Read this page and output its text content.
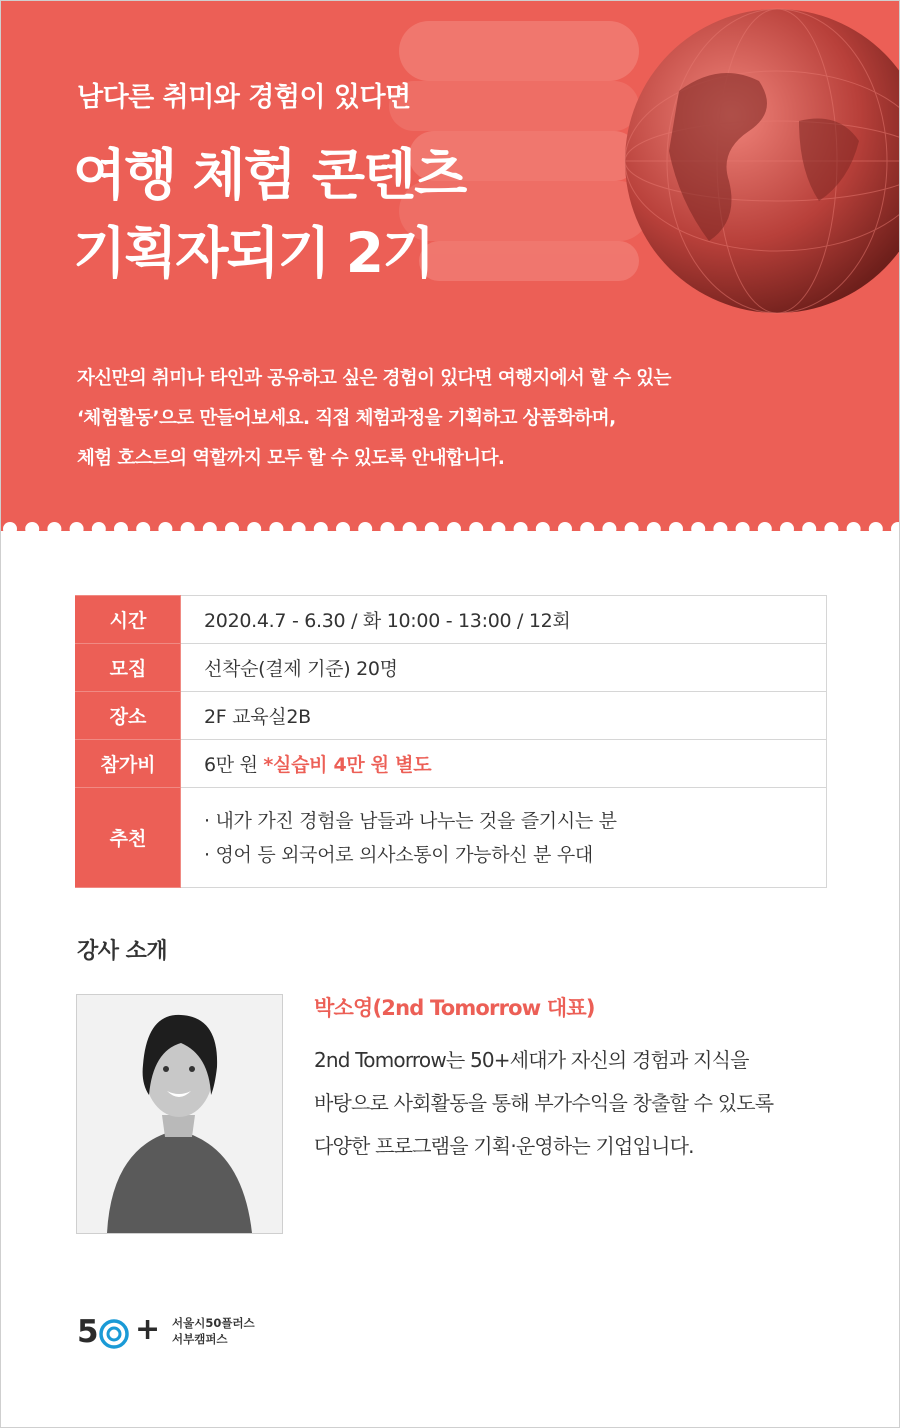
남다른 취미와 경험이 있다면
여행 체험 콘텐츠
기획자되기 2기
자신만의 취미나 타인과 공유하고 싶은 경험이 있다면 여행지에서 할 수 있는
‘체험활동’으로 만들어보세요. 직접 체험과정을 기획하고 상품화하며,
체험 호스트의 역할까지 모두 할 수 있도록 안내합니다.
시간	2020.4.7 - 6.30 / 화 10:00 - 13:00 / 12회
모집	선착순(결제 기준) 20명
장소	2F 교육실2B
참가비	6만 원 *실습비 4만 원 별도
추천	· 내가 가진 경험을 남들과 나누는 것을 즐기시는 분
· 영어 등 외국어로 의사소통이 가능하신 분 우대
강사 소개
박소영(2nd Tomorrow 대표)
2nd Tomorrow는 50+세대가 자신의 경험과 지식을
바탕으로 사회활동을 통해 부가수익을 창출할 수 있도록
다양한 프로그램을 기획·운영하는 기업입니다.
5 + 서울시50플러스
서부캠퍼스
